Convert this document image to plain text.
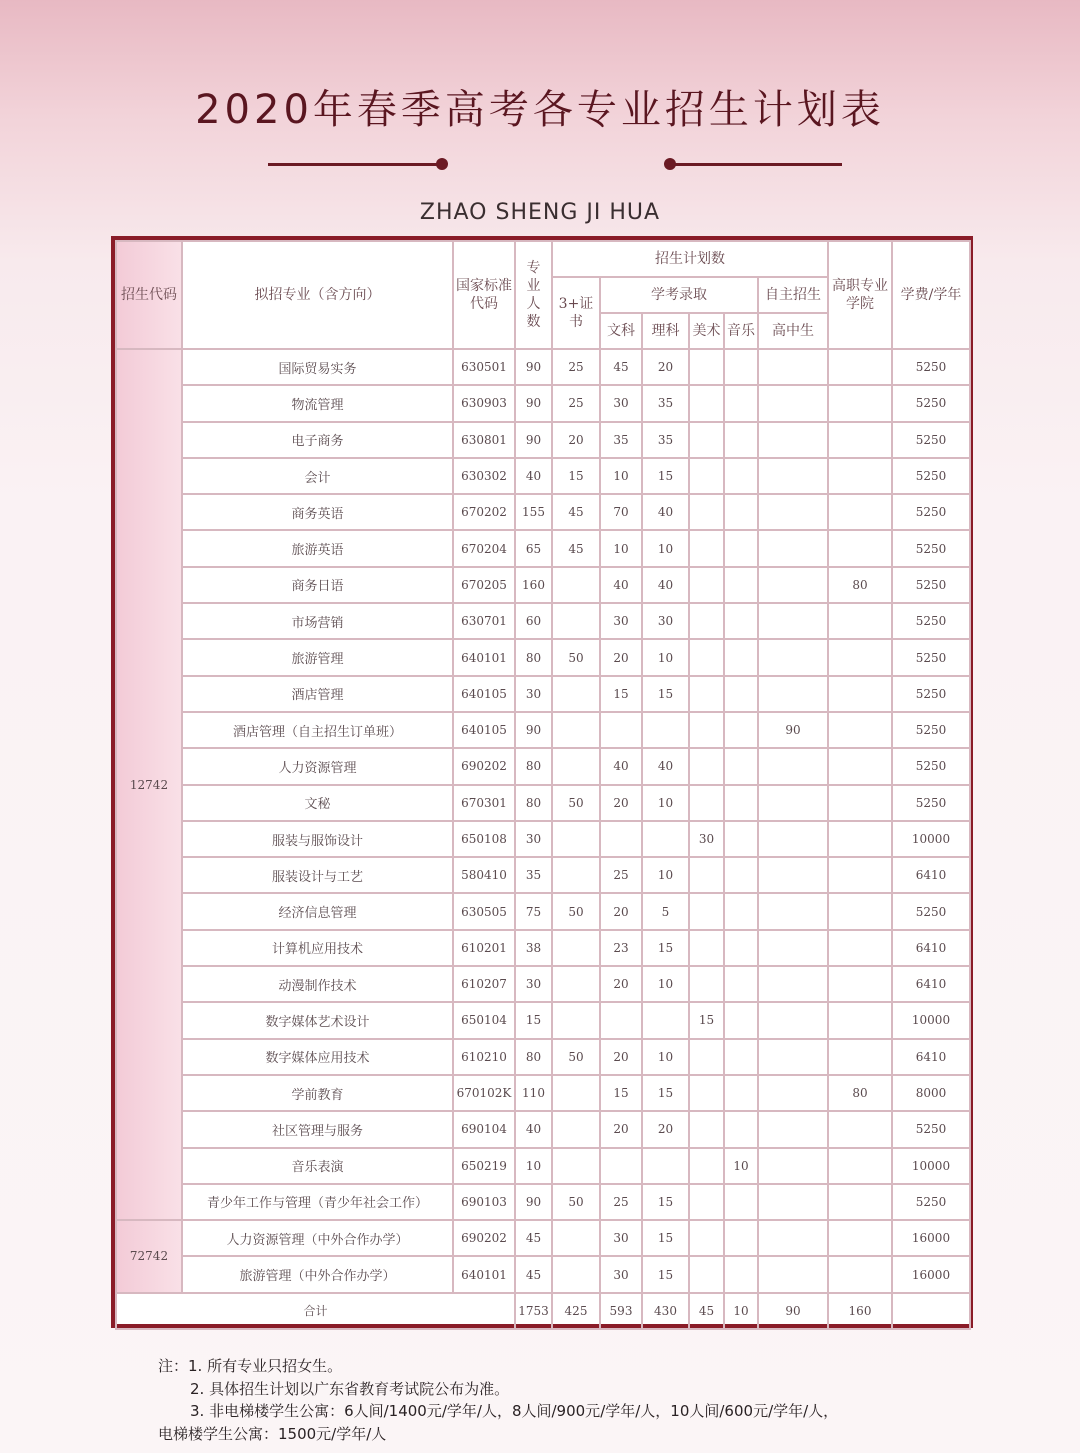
2020年春季高考各专业招生计划表
ZHAO SHENG JI HUA
招生代码	拟招专业（含方向）	国家标准代码	专业人数	招生计划数						高职专业学院	学费/学年
				3+证书	学考录取				自主招生		
					文科	理科	美术	音乐	高中生		
12742	国际贸易实务	630501	90	25	45	20					5250
	物流管理	630903	90	25	30	35					5250
	电子商务	630801	90	20	35	35					5250
	会计	630302	40	15	10	15					5250
	商务英语	670202	155	45	70	40					5250
	旅游英语	670204	65	45	10	10					5250
	商务日语	670205	160		40	40				80	5250
	市场营销	630701	60		30	30					5250
	旅游管理	640101	80	50	20	10					5250
	酒店管理	640105	30		15	15					5250
	酒店管理（自主招生订单班）	640105	90						90		5250
	人力资源管理	690202	80		40	40					5250
	文秘	670301	80	50	20	10					5250
	服装与服饰设计	650108	30				30				10000
	服装设计与工艺	580410	35		25	10					6410
	经济信息管理	630505	75	50	20	5					5250
	计算机应用技术	610201	38		23	15					6410
	动漫制作技术	610207	30		20	10					6410
	数字媒体艺术设计	650104	15				15				10000
	数字媒体应用技术	610210	80	50	20	10					6410
	学前教育	670102K	110		15	15				80	8000
	社区管理与服务	690104	40		20	20					5250
	音乐表演	650219	10					10			10000
	青少年工作与管理（青少年社会工作）	690103	90	50	25	15					5250
72742	人力资源管理（中外合作办学）	690202	45		30	15					16000
	旅游管理（中外合作办学）	640101	45		30	15					16000
合计			1753	425	593	430	45	10	90	160	
注：1. 所有专业只招女生。
2. 具体招生计划以广东省教育考试院公布为准。
3. 非电梯楼学生公寓：6人间/1400元/学年/人，8人间/900元/学年/人，10人间/600元/学年/人，
电梯楼学生公寓：1500元/学年/人
